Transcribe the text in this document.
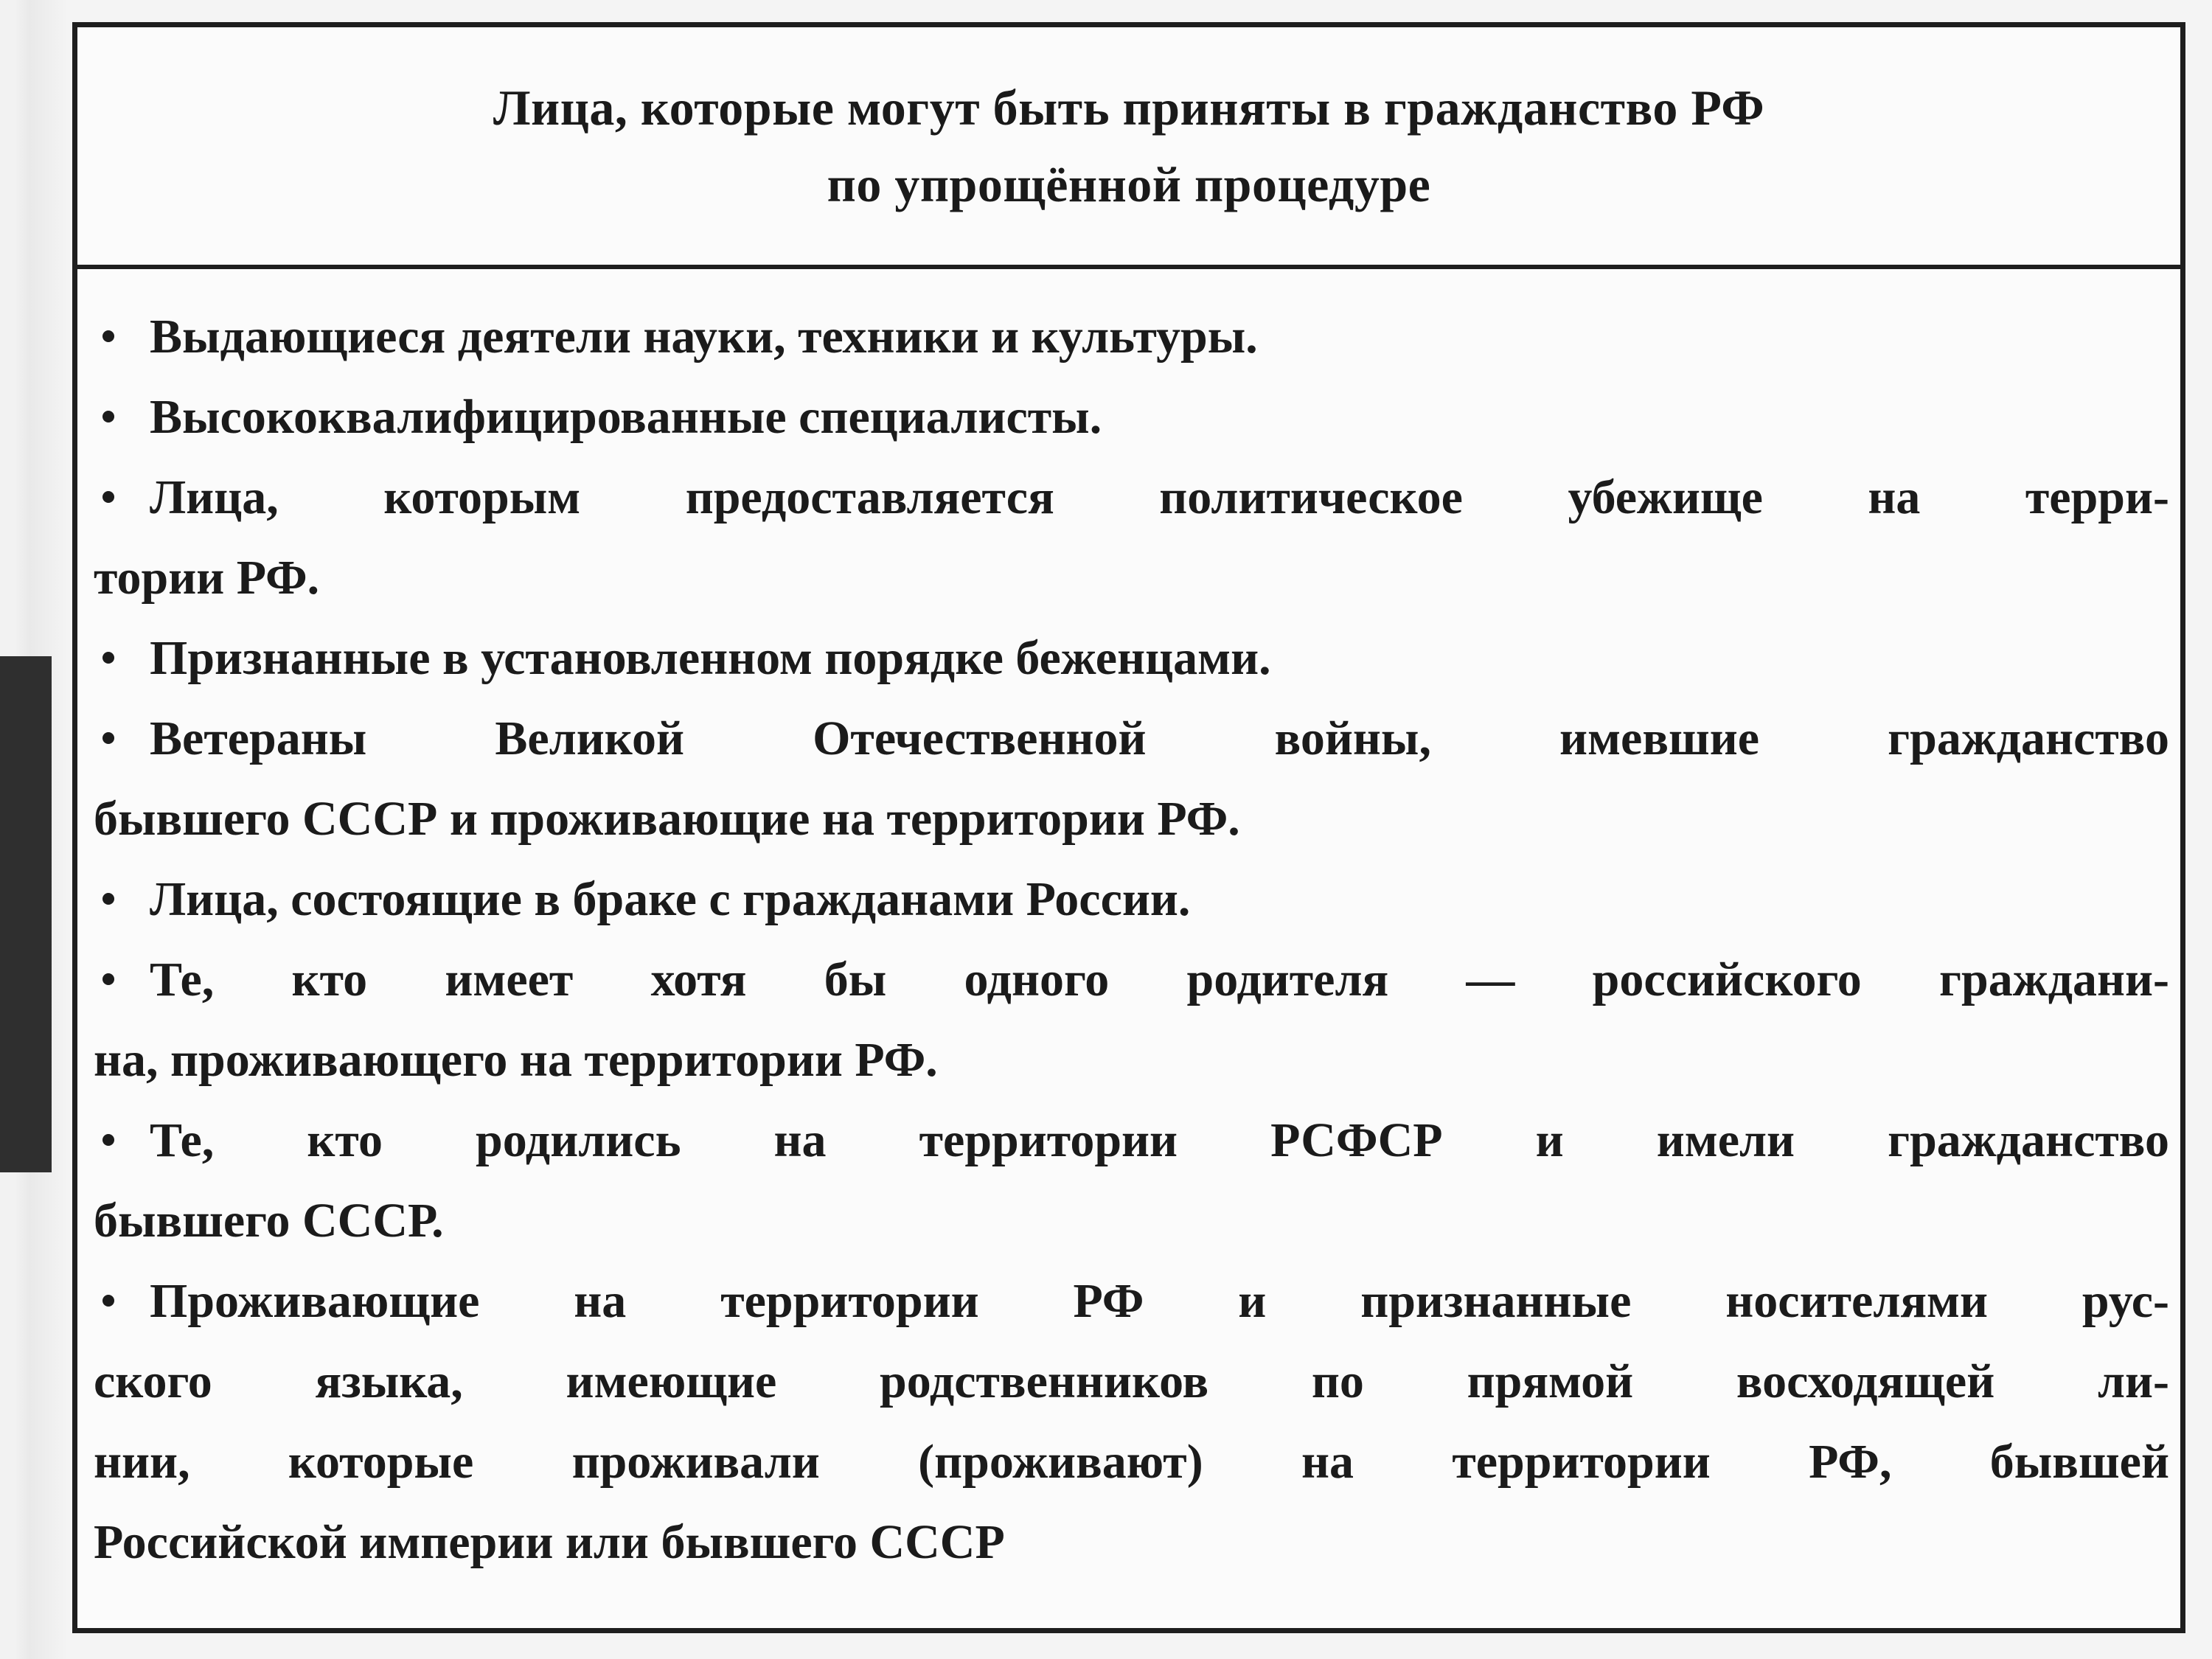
Лица, которые могут быть приняты в гражданство РФ
по упрощённой процедуре
Выдающиеся деятели науки, техники и культуры.
Высококвалифицированные специалисты.
Лица, которым предоставляется политическое убежище на терри-
тории РФ.
Признанные в установленном порядке беженцами.
Ветераны Великой Отечественной войны, имевшие гражданство
бывшего СССР и проживающие на территории РФ.
Лица, состоящие в браке с гражданами России.
Те, кто имеет хотя бы одного родителя — российского граждани-
на, проживающего на территории РФ.
Те, кто родились на территории РСФСР и имели гражданство
бывшего СССР.
Проживающие на территории РФ и признанные носителями рус-
ского языка, имеющие родственников по прямой восходящей ли-
нии, которые проживали (проживают) на территории РФ, бывшей
Российской империи или бывшего СССР
